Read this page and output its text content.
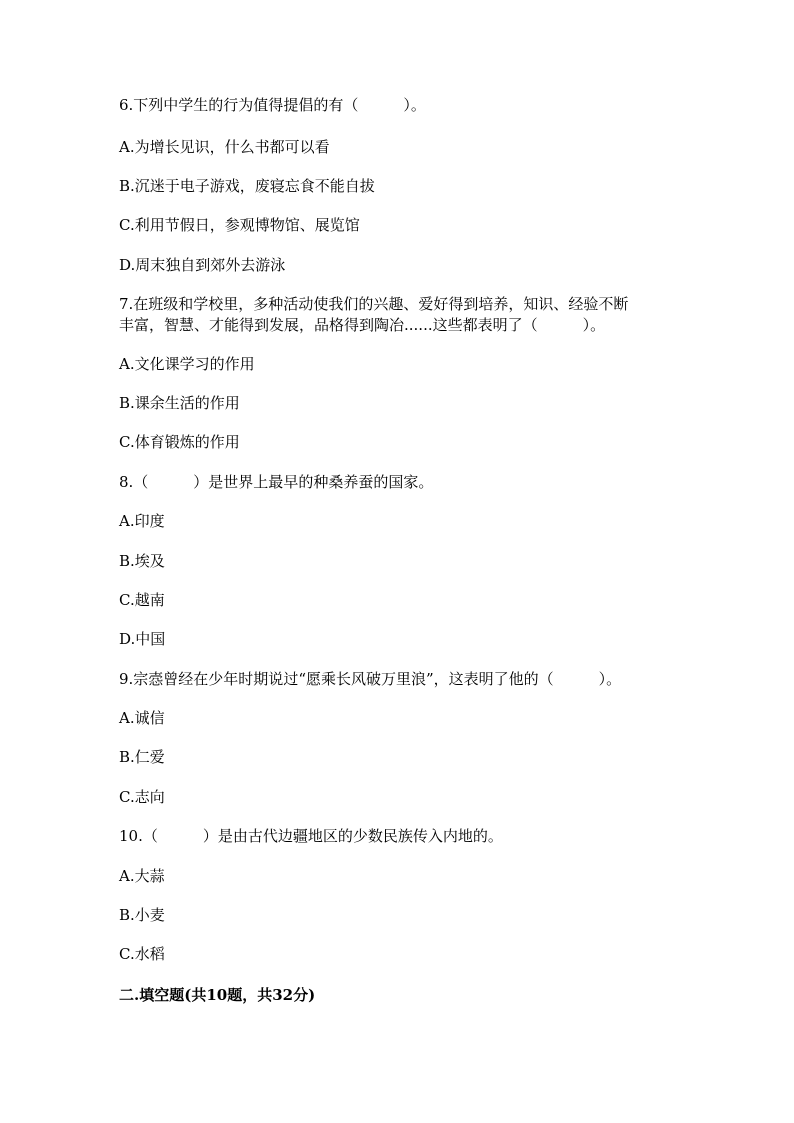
6.下列中学生的行为值得提倡的有（　　　）。
A.为增长见识，什么书都可以看
B.沉迷于电子游戏，废寝忘食不能自拔
C.利用节假日，参观博物馆、展览馆
D.周末独自到郊外去游泳
7.在班级和学校里，多种活动使我们的兴趣、爱好得到培养，知识、经验不断
丰富，智慧、才能得到发展，品格得到陶冶......这些都表明了（　　　）。
A.文化课学习的作用
B.课余生活的作用
C.体育锻炼的作用
8.（　　　）是世界上最早的种桑养蚕的国家。
A.印度
B.埃及
C.越南
D.中国
9.宗悫曾经在少年时期说过“愿乘长风破万里浪”，这表明了他的（　　　）。
A.诚信
B.仁爱
C.志向
10.（　　　）是由古代边疆地区的少数民族传入内地的。
A.大蒜
B.小麦
C.水稻
二.填空题(共10题，共32分)
